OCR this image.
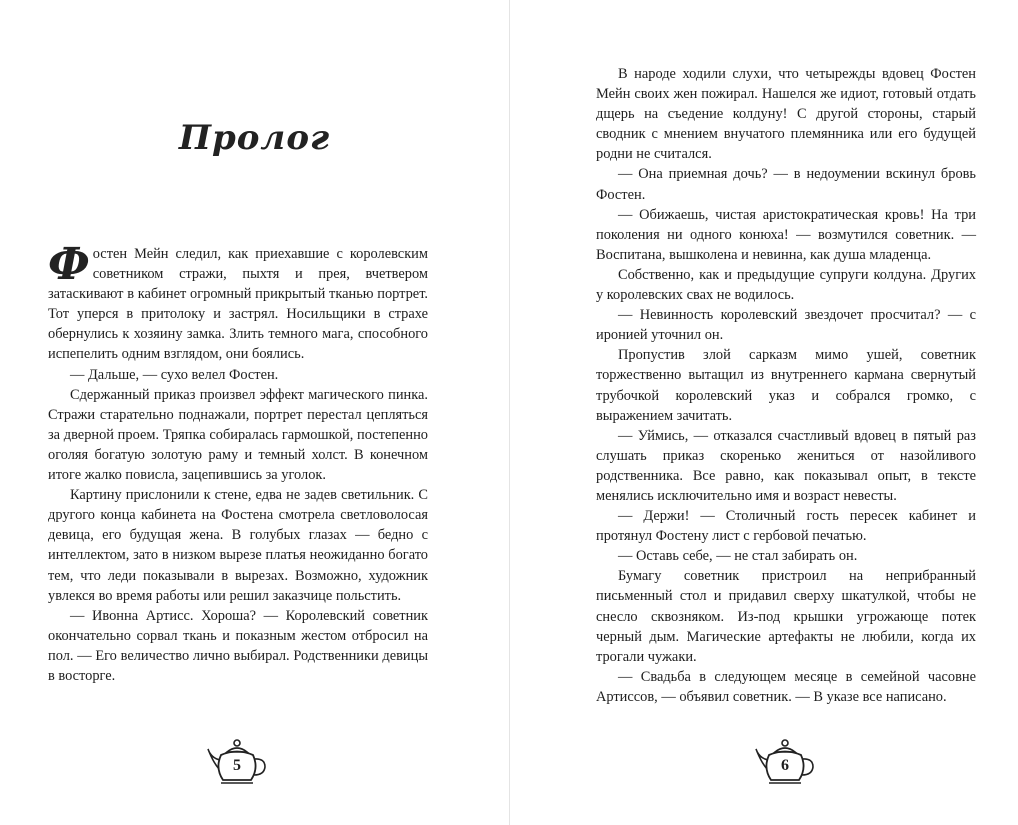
Пролог

Фостен Мейн следил, как приехавшие с королевским советником стражи, пыхтя и прея, вчетвером затаскивают в кабинет огромный прикрытый тканью портрет. Тот уперся в притолоку и застрял. Носильщики в страхе обернулись к хозяину замка. Злить темного мага, способного испепелить одним взглядом, они боялись.

— Дальше, — сухо велел Фостен.

Сдержанный приказ произвел эффект магического пинка. Стражи старательно поднажали, портрет перестал цепляться за дверной проем. Тряпка собиралась гармошкой, постепенно оголяя богатую золотую раму и темный холст. В конечном итоге жалко повисла, зацепившись за уголок.

Картину прислонили к стене, едва не задев светильник. С другого конца кабинета на Фостена смотрела светловолосая девица, его будущая жена. В голубых глазах — бедно с интеллектом, зато в низком вырезе платья неожиданно богато тем, что леди показывали в вырезах. Возможно, художник увлекся во время работы или решил заказчице польстить.

— Ивонна Артисс. Хороша? — Королевский советник окончательно сорвал ткань и показным жестом отбросил на пол. — Его величество лично выбирал. Родственники девицы в восторге.

5

В народе ходили слухи, что четырежды вдовец Фостен Мейн своих жен пожирал. Нашелся же идиот, готовый отдать дщерь на съедение колдуну! С другой стороны, старый сводник с мнением внучатого племянника или его будущей родни не считался.

— Она приемная дочь? — в недоумении вскинул бровь Фостен.

— Обижаешь, чистая аристократическая кровь! На три поколения ни одного конюха! — возмутился советник. — Воспитана, вышколена и невинна, как душа младенца.

Собственно, как и предыдущие супруги колдуна. Других у королевских свах не водилось.

— Невинность королевский звездочет просчитал? — с иронией уточнил он.

Пропустив злой сарказм мимо ушей, советник торжественно вытащил из внутреннего кармана свернутый трубочкой королевский указ и собрался громко, с выражением зачитать.

— Уймись, — отказался счастливый вдовец в пятый раз слушать приказ скоренько жениться от назойливого родственника. Все равно, как показывал опыт, в тексте менялись исключительно имя и возраст невесты.

— Держи! — Столичный гость пересек кабинет и протянул Фостену лист с гербовой печатью.

— Оставь себе, — не стал забирать он.

Бумагу советник пристроил на неприбранный письменный стол и придавил сверху шкатулкой, чтобы не снесло сквозняком. Из-под крышки угрожающе потек черный дым. Магические артефакты не любили, когда их трогали чужаки.

— Свадьба в следующем месяце в семейной часовне Артиссов, — объявил советник. — В указе все написано.

6
